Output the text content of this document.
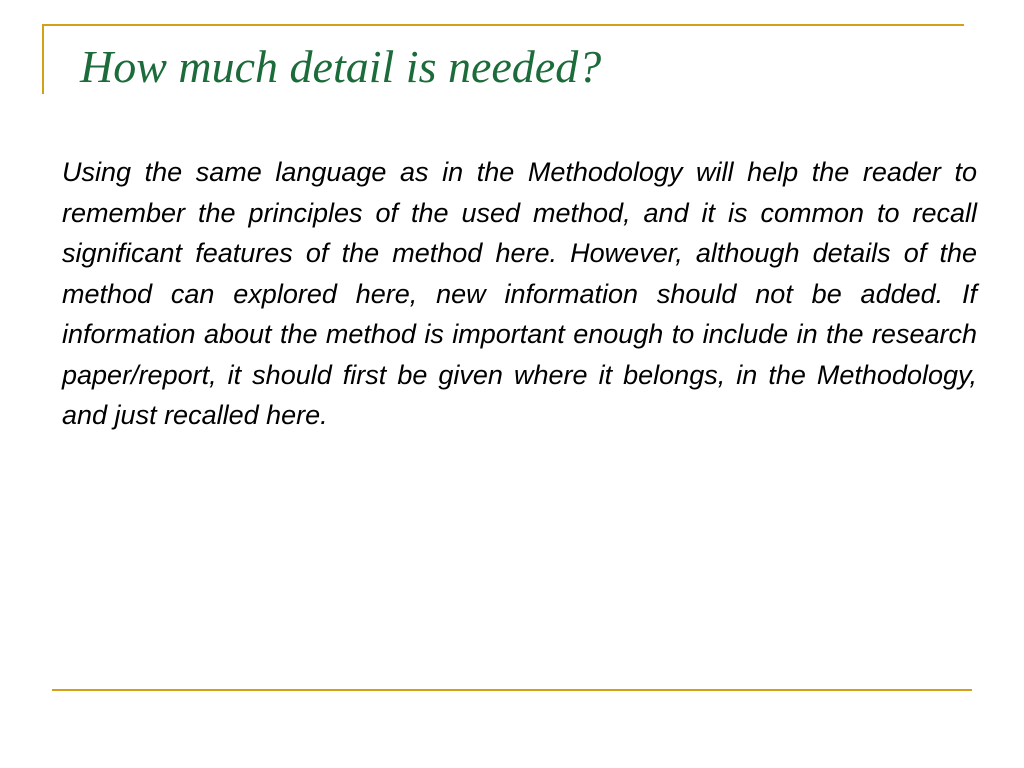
How much detail is needed?

Using the same language as in the Methodology will help the reader to remember the principles of the used method, and it is common to recall significant features of the method here. However, although details of the method can explored here, new information should not be added. If information about the method is important enough to include in the research paper/report, it should first be given where it belongs, in the Methodology, and just recalled here.
